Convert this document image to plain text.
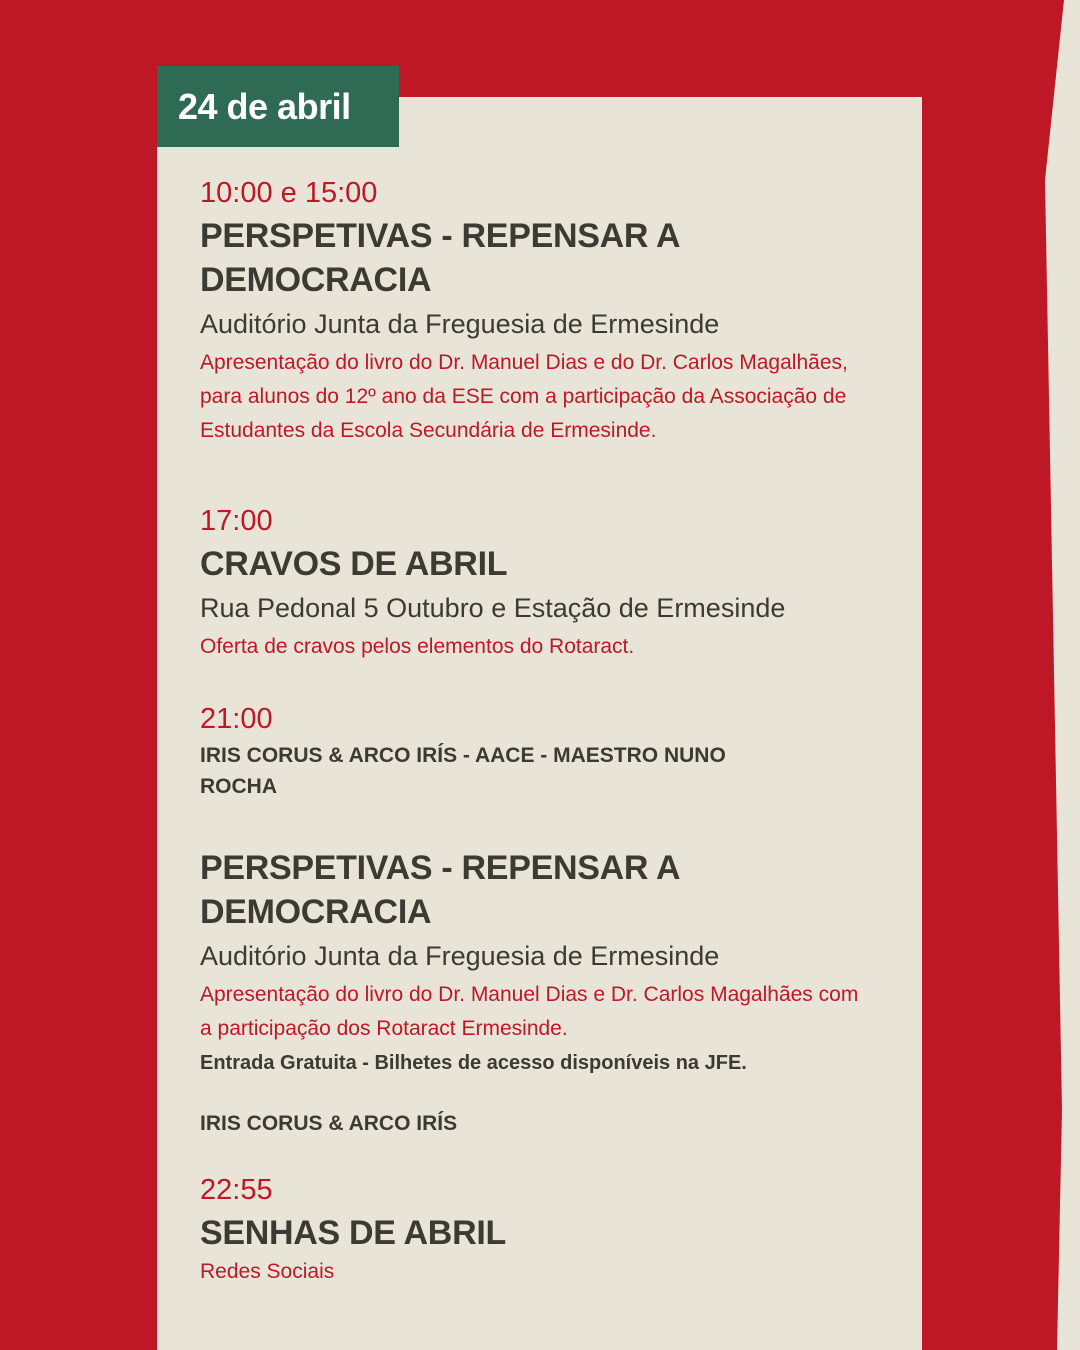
24 de abril

10:00 e 15:00

PERSPETIVAS - REPENSAR A DEMOCRACIA

Auditório Junta da Freguesia de Ermesinde

Apresentação do livro do Dr. Manuel Dias e do Dr. Carlos Magalhães, para alunos do 12º ano da ESE com a participação da Associação de Estudantes da Escola Secundária de Ermesinde.

17:00

CRAVOS DE ABRIL

Rua Pedonal 5 Outubro e Estação de Ermesinde

Oferta de cravos pelos elementos do Rotaract.

21:00

IRIS CORUS & ARCO IRÍS - AACE - MAESTRO NUNO ROCHA

PERSPETIVAS - REPENSAR A DEMOCRACIA

Auditório Junta da Freguesia de Ermesinde

Apresentação do livro do Dr. Manuel Dias e Dr. Carlos Magalhães com a participação dos Rotaract Ermesinde.

Entrada Gratuita - Bilhetes de acesso disponíveis na JFE.

IRIS CORUS & ARCO IRÍS

22:55

SENHAS DE ABRIL

Redes Sociais
